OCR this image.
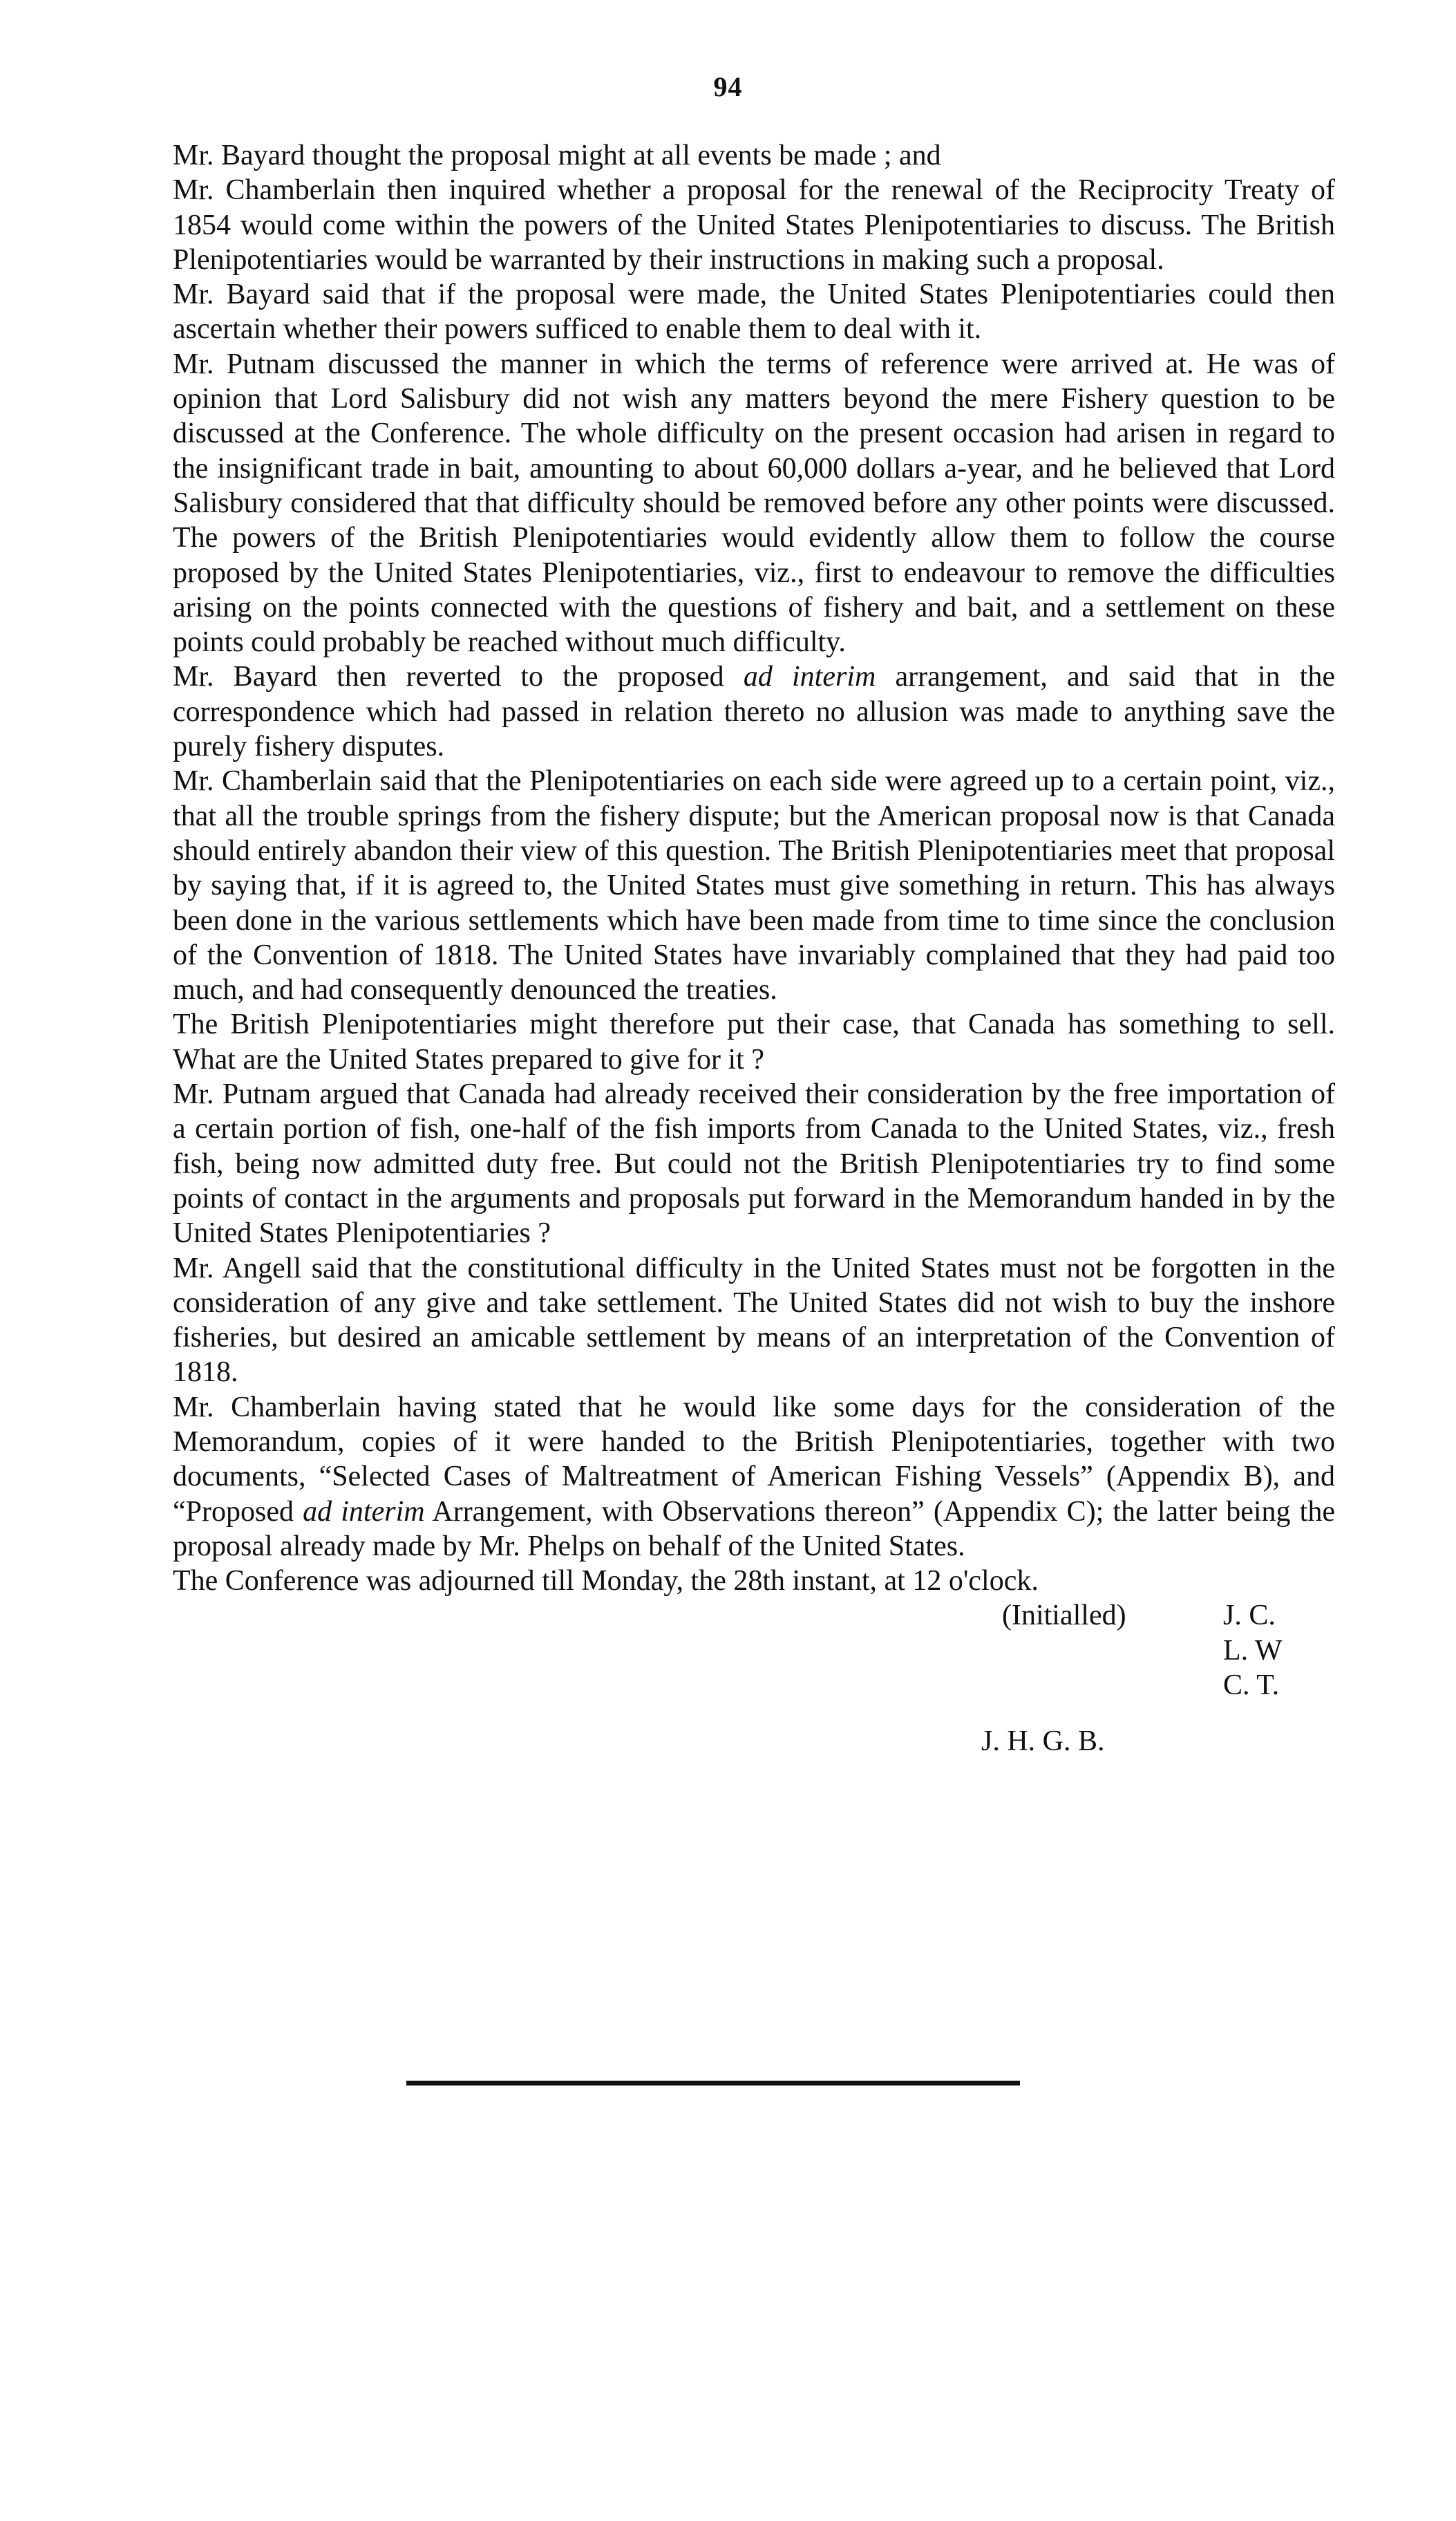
94

Mr. Bayard thought the proposal might at all events be made ; and

Mr. Chamberlain then inquired whether a proposal for the renewal of the Reciprocity Treaty of 1854 would come within the powers of the United States Plenipotentiaries to discuss. The British Plenipotentiaries would be warranted by their instructions in making such a proposal.

Mr. Bayard said that if the proposal were made, the United States Plenipotentiaries could then ascertain whether their powers sufficed to enable them to deal with it.

Mr. Putnam discussed the manner in which the terms of reference were arrived at. He was of opinion that Lord Salisbury did not wish any matters beyond the mere Fishery question to be discussed at the Conference. The whole difficulty on the present occasion had arisen in regard to the insignificant trade in bait, amounting to about 60,000 dollars a-year, and he believed that Lord Salisbury considered that that difficulty should be removed before any other points were discussed. The powers of the British Plenipotentiaries would evidently allow them to follow the course proposed by the United States Plenipotentiaries, viz., first to endeavour to remove the difficulties arising on the points connected with the questions of fishery and bait, and a settlement on these points could probably be reached without much difficulty.

Mr. Bayard then reverted to the proposed ad interim arrangement, and said that in the correspondence which had passed in relation thereto no allusion was made to anything save the purely fishery disputes.

Mr. Chamberlain said that the Plenipotentiaries on each side were agreed up to a certain point, viz., that all the trouble springs from the fishery dispute; but the American proposal now is that Canada should entirely abandon their view of this question. The British Plenipotentiaries meet that proposal by saying that, if it is agreed to, the United States must give something in return. This has always been done in the various settlements which have been made from time to time since the conclusion of the Convention of 1818. The United States have invariably complained that they had paid too much, and had consequently denounced the treaties.

The British Plenipotentiaries might therefore put their case, that Canada has something to sell. What are the United States prepared to give for it ?

Mr. Putnam argued that Canada had already received their consideration by the free importation of a certain portion of fish, one-half of the fish imports from Canada to the United States, viz., fresh fish, being now admitted duty free. But could not the British Plenipotentiaries try to find some points of contact in the arguments and proposals put forward in the Memorandum handed in by the United States Plenipotentiaries ?

Mr. Angell said that the constitutional difficulty in the United States must not be forgotten in the consideration of any give and take settlement. The United States did not wish to buy the inshore fisheries, but desired an amicable settlement by means of an interpretation of the Convention of 1818.

Mr. Chamberlain having stated that he would like some days for the consideration of the Memorandum, copies of it were handed to the British Plenipotentiaries, together with two documents, “Selected Cases of Maltreatment of American Fishing Vessels” (Appendix B), and “Proposed ad interim Arrangement, with Observations thereon” (Appendix C); the latter being the proposal already made by Mr. Phelps on behalf of the United States.

The Conference was adjourned till Monday, the 28th instant, at 12 o'clock.

(Initialled)	J. C.
L. W
C. T.
J. H. G. B.
